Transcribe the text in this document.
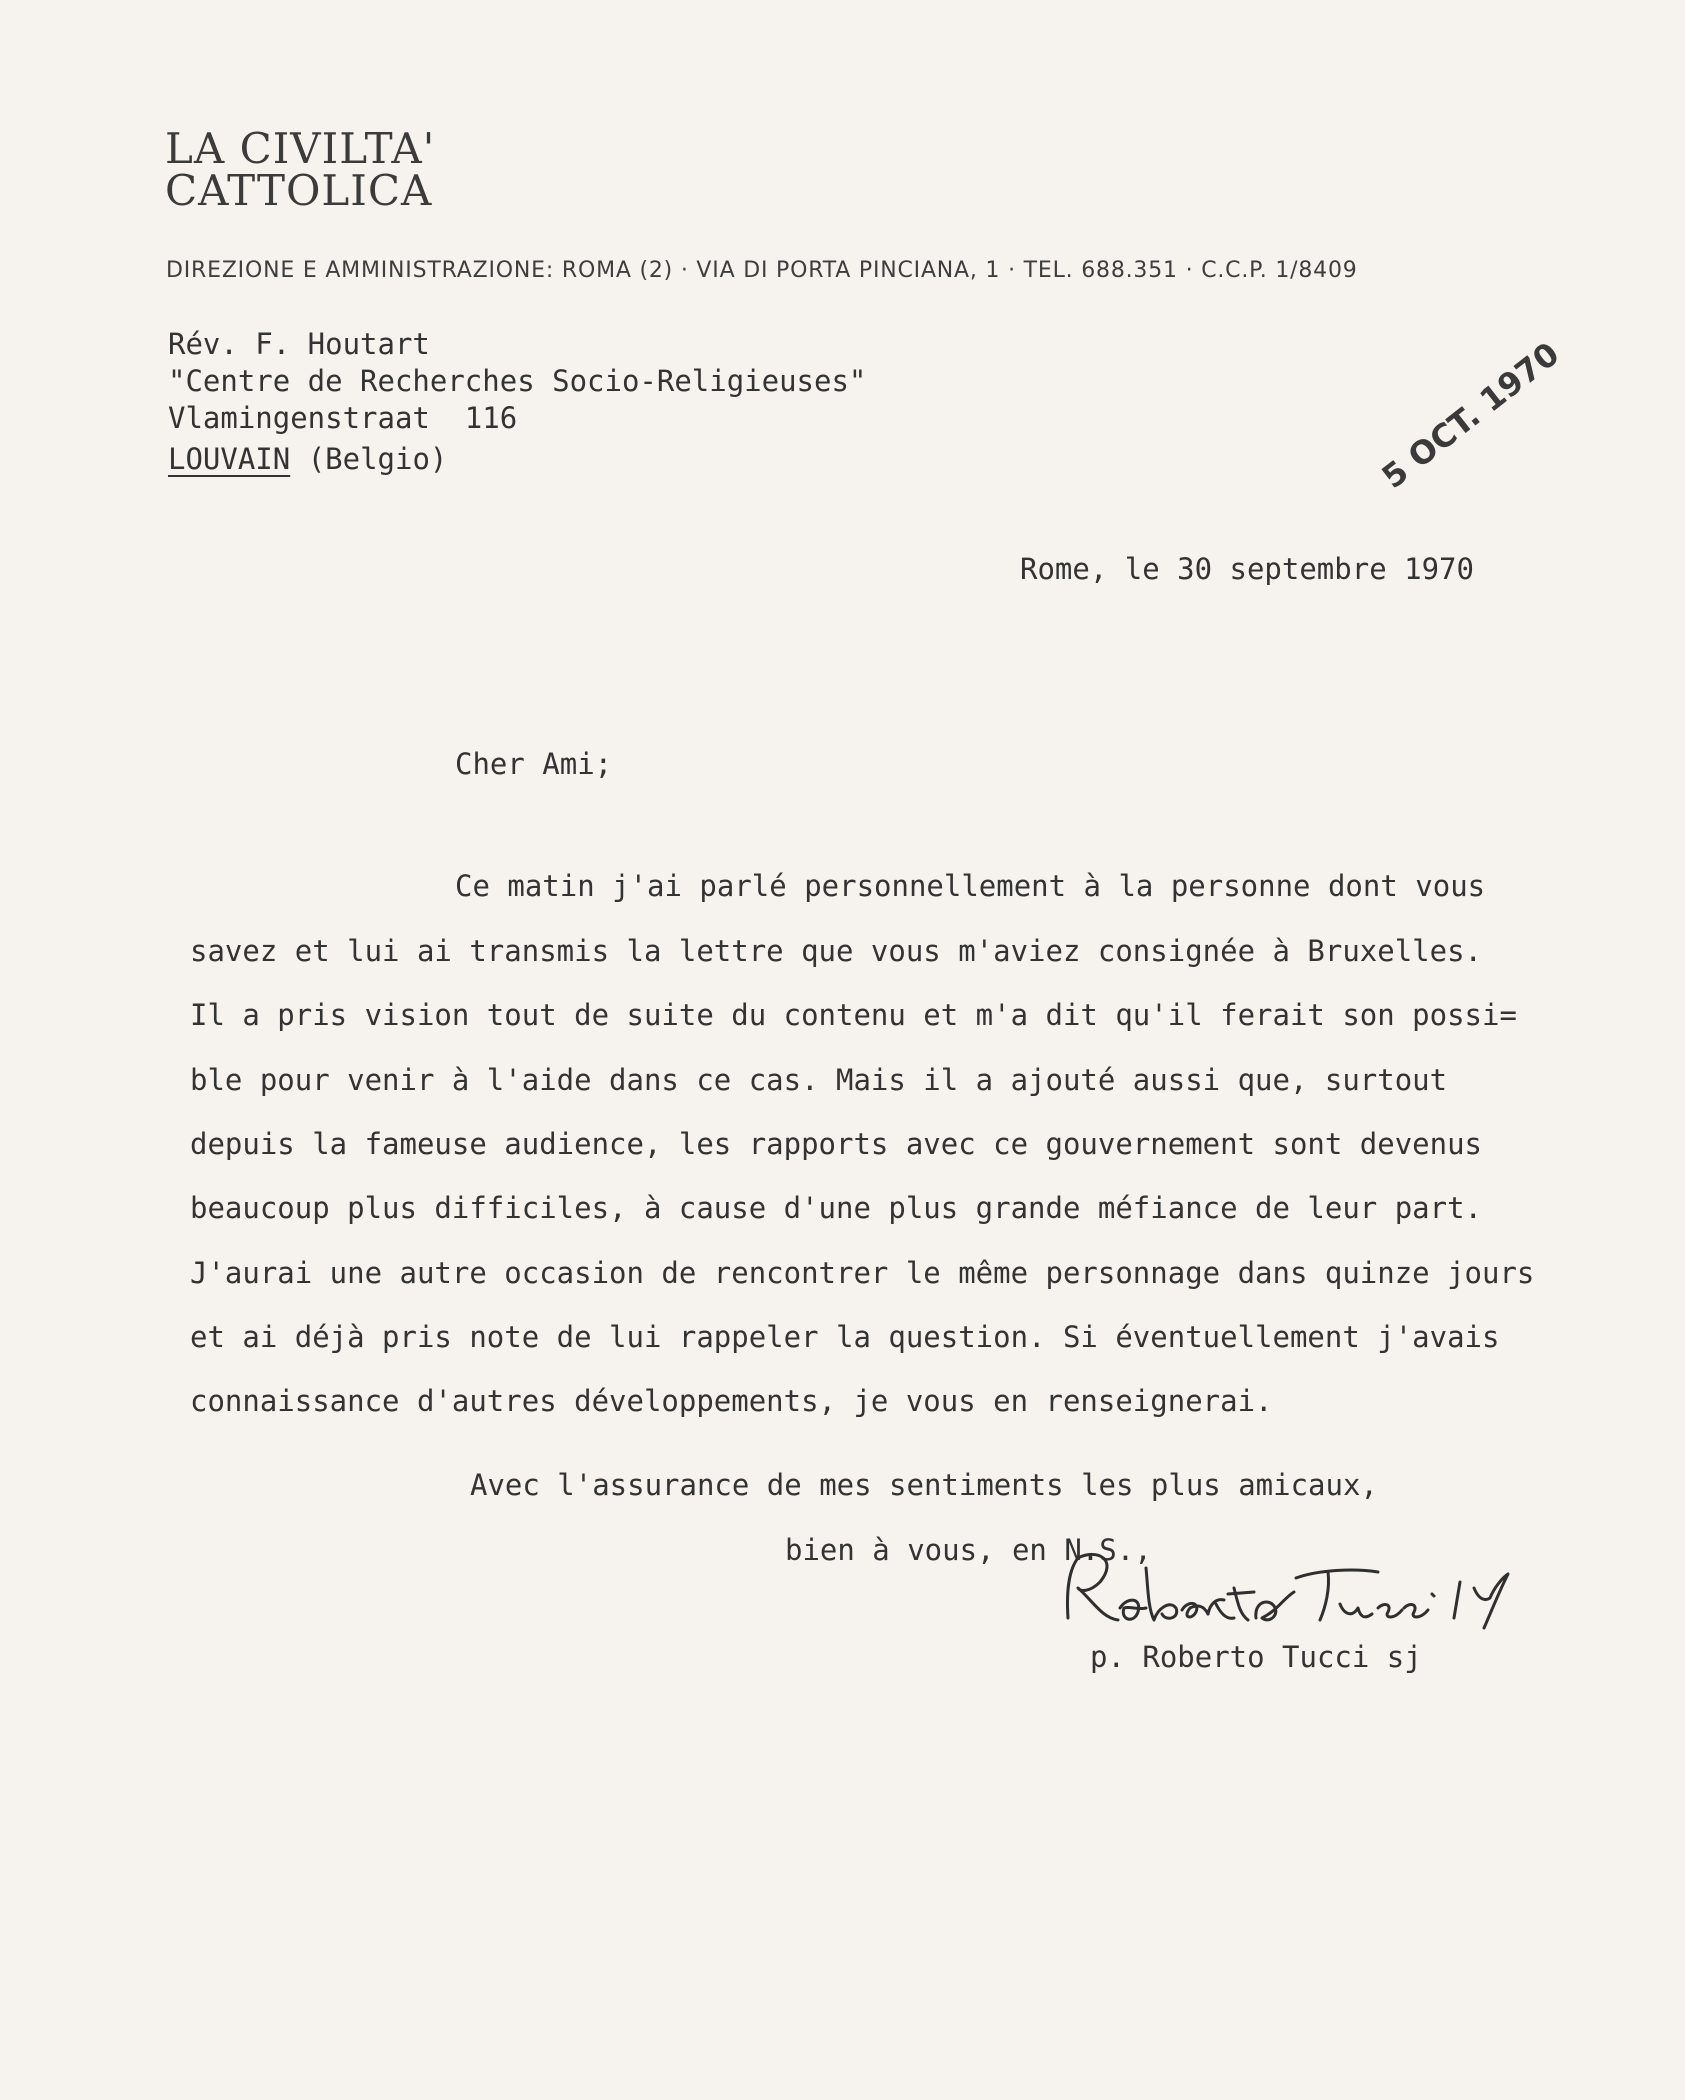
LA CIVILTA'
CATTOLICA
DIREZIONE E AMMINISTRAZIONE: ROMA (2) · VIA DI PORTA PINCIANA, 1 · TEL. 688.351 · C.C.P. 1/8409
Rév. F. Houtart
"Centre de Recherches Socio-Religieuses"
Vlamingenstraat  116
LOUVAIN (Belgio)	5 OCT. 1970
Rome, le 30 septembre 1970
Cher Ami;
Ce matin j'ai parlé personnellement à la personne dont vous
savez et lui ai transmis la lettre que vous m'aviez consignée à Bruxelles.
Il a pris vision tout de suite du contenu et m'a dit qu'il ferait son possi=
ble pour venir à l'aide dans ce cas. Mais il a ajouté aussi que, surtout
depuis la fameuse audience, les rapports avec ce gouvernement sont devenus
beaucoup plus difficiles, à cause d'une plus grande méfiance de leur part.
J'aurai une autre occasion de rencontrer le même personnage dans quinze jours
et ai déjà pris note de lui rappeler la question. Si éventuellement j'avais
connaissance d'autres développements, je vous en renseignerai.
Avec l'assurance de mes sentiments les plus amicaux,
bien à vous, en N.S.,
p. Roberto Tucci sj
